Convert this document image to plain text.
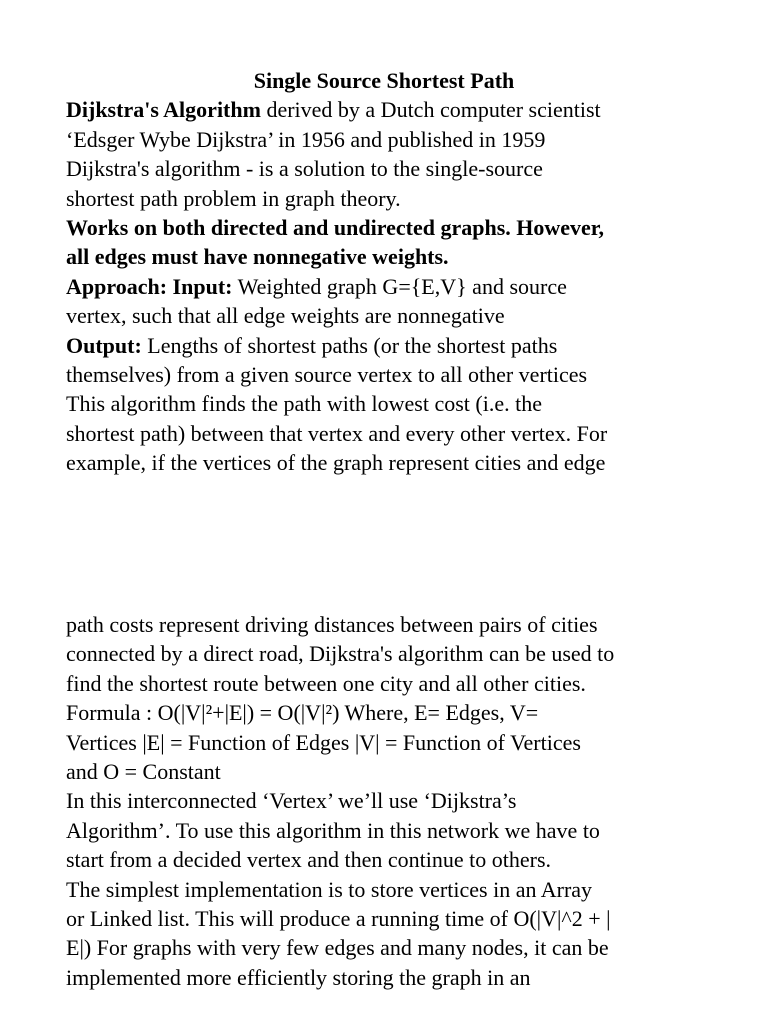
Single Source Shortest Path
Dijkstra's Algorithm derived by a Dutch computer scientist
‘Edsger Wybe Dijkstra’ in 1956 and published in 1959
Dijkstra's algorithm - is a solution to the single-source
shortest path problem in graph theory.
Works on both directed and undirected graphs. However,
all edges must have nonnegative weights.
Approach: Input: Weighted graph G={E,V} and source
vertex, such that all edge weights are nonnegative
Output: Lengths of shortest paths (or the shortest paths
themselves) from a given source vertex to all other vertices
This algorithm finds the path with lowest cost (i.e. the
shortest path) between that vertex and every other vertex. For
example, if the vertices of the graph represent cities and edge
path costs represent driving distances between pairs of cities
connected by a direct road, Dijkstra's algorithm can be used to
find the shortest route between one city and all other cities.
Formula : O(|V|²+|E|) = O(|V|²) Where, E= Edges, V=
Vertices |E| = Function of Edges |V| = Function of Vertices
and O = Constant
In this interconnected ‘Vertex’ we’ll use ‘Dijkstra’s
Algorithm’. To use this algorithm in this network we have to
start from a decided vertex and then continue to others.
The simplest implementation is to store vertices in an Array
or Linked list. This will produce a running time of O(|V|^2 + |
E|) For graphs with very few edges and many nodes, it can be
implemented more efficiently storing the graph in an
